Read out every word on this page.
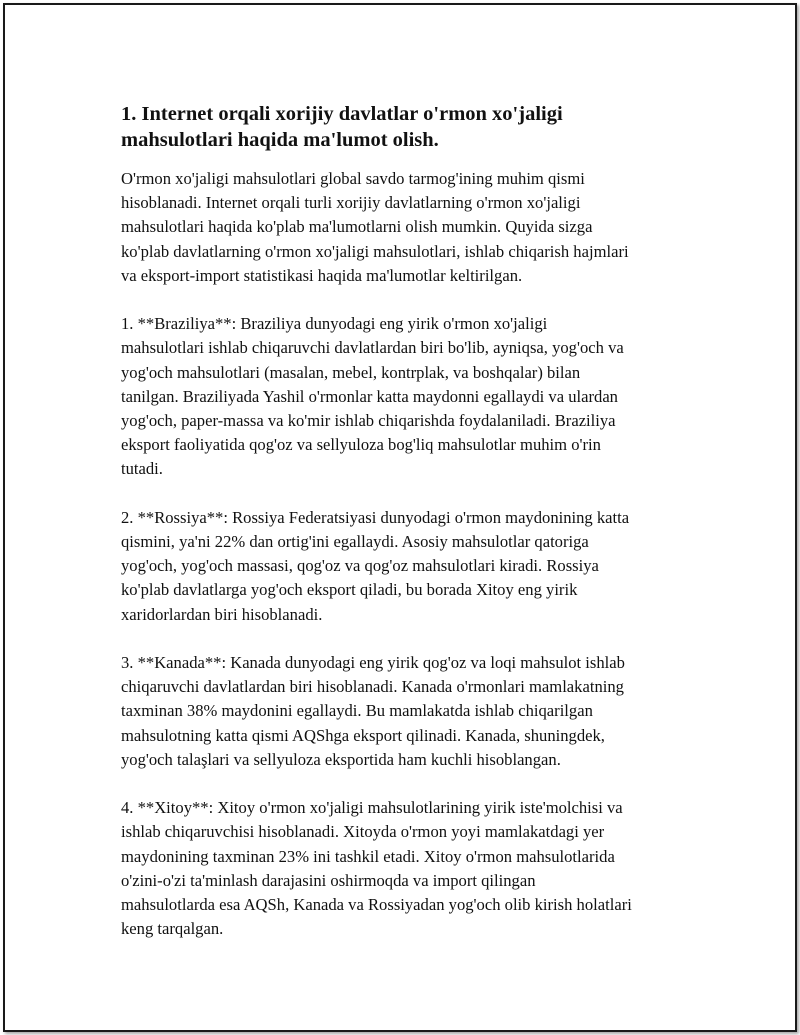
1. Internet orqali xorijiy davlatlar o'rmon xo'jaligi
mahsulotlari haqida ma'lumot olish.

O'rmon xo'jaligi mahsulotlari global savdo tarmog'ining muhim qismi
hisoblanadi. Internet orqali turli xorijiy davlatlarning o'rmon xo'jaligi
mahsulotlari haqida ko'plab ma'lumotlarni olish mumkin. Quyida sizga
ko'plab davlatlarning o'rmon xo'jaligi mahsulotlari, ishlab chiqarish hajmlari
va eksport-import statistikasi haqida ma'lumotlar keltirilgan.

1. **Braziliya**: Braziliya dunyodagi eng yirik o'rmon xo'jaligi
mahsulotlari ishlab chiqaruvchi davlatlardan biri bo'lib, ayniqsa, yog'och va
yog'och mahsulotlari (masalan, mebel, kontrplak, va boshqalar) bilan
tanilgan. Braziliyada Yashil o'rmonlar katta maydonni egallaydi va ulardan
yog'och, paper-massa va ko'mir ishlab chiqarishda foydalaniladi. Braziliya
eksport faoliyatida qog'oz va sellyuloza bog'liq mahsulotlar muhim o'rin
tutadi.

2. **Rossiya**: Rossiya Federatsiyasi dunyodagi o'rmon maydonining katta
qismini, ya'ni 22% dan ortig'ini egallaydi. Asosiy mahsulotlar qatoriga
yog'och, yog'och massasi, qog'oz va qog'oz mahsulotlari kiradi. Rossiya
ko'plab davlatlarga yog'och eksport qiladi, bu borada Xitoy eng yirik
xaridorlardan biri hisoblanadi.

3. **Kanada**: Kanada dunyodagi eng yirik qog'oz va loqi mahsulot ishlab
chiqaruvchi davlatlardan biri hisoblanadi. Kanada o'rmonlari mamlakatning
taxminan 38% maydonini egallaydi. Bu mamlakatda ishlab chiqarilgan
mahsulotning katta qismi AQShga eksport qilinadi. Kanada, shuningdek,
yog'och talaşlari va sellyuloza eksportida ham kuchli hisoblangan.

4. **Xitoy**: Xitoy o'rmon xo'jaligi mahsulotlarining yirik iste'molchisi va
ishlab chiqaruvchisi hisoblanadi. Xitoyda o'rmon yoyi mamlakatdagi yer
maydonining taxminan 23% ini tashkil etadi. Xitoy o'rmon mahsulotlarida
o'zini-o'zi ta'minlash darajasini oshirmoqda va import qilingan
mahsulotlarda esa AQSh, Kanada va Rossiyadan yog'och olib kirish holatlari
keng tarqalgan.
